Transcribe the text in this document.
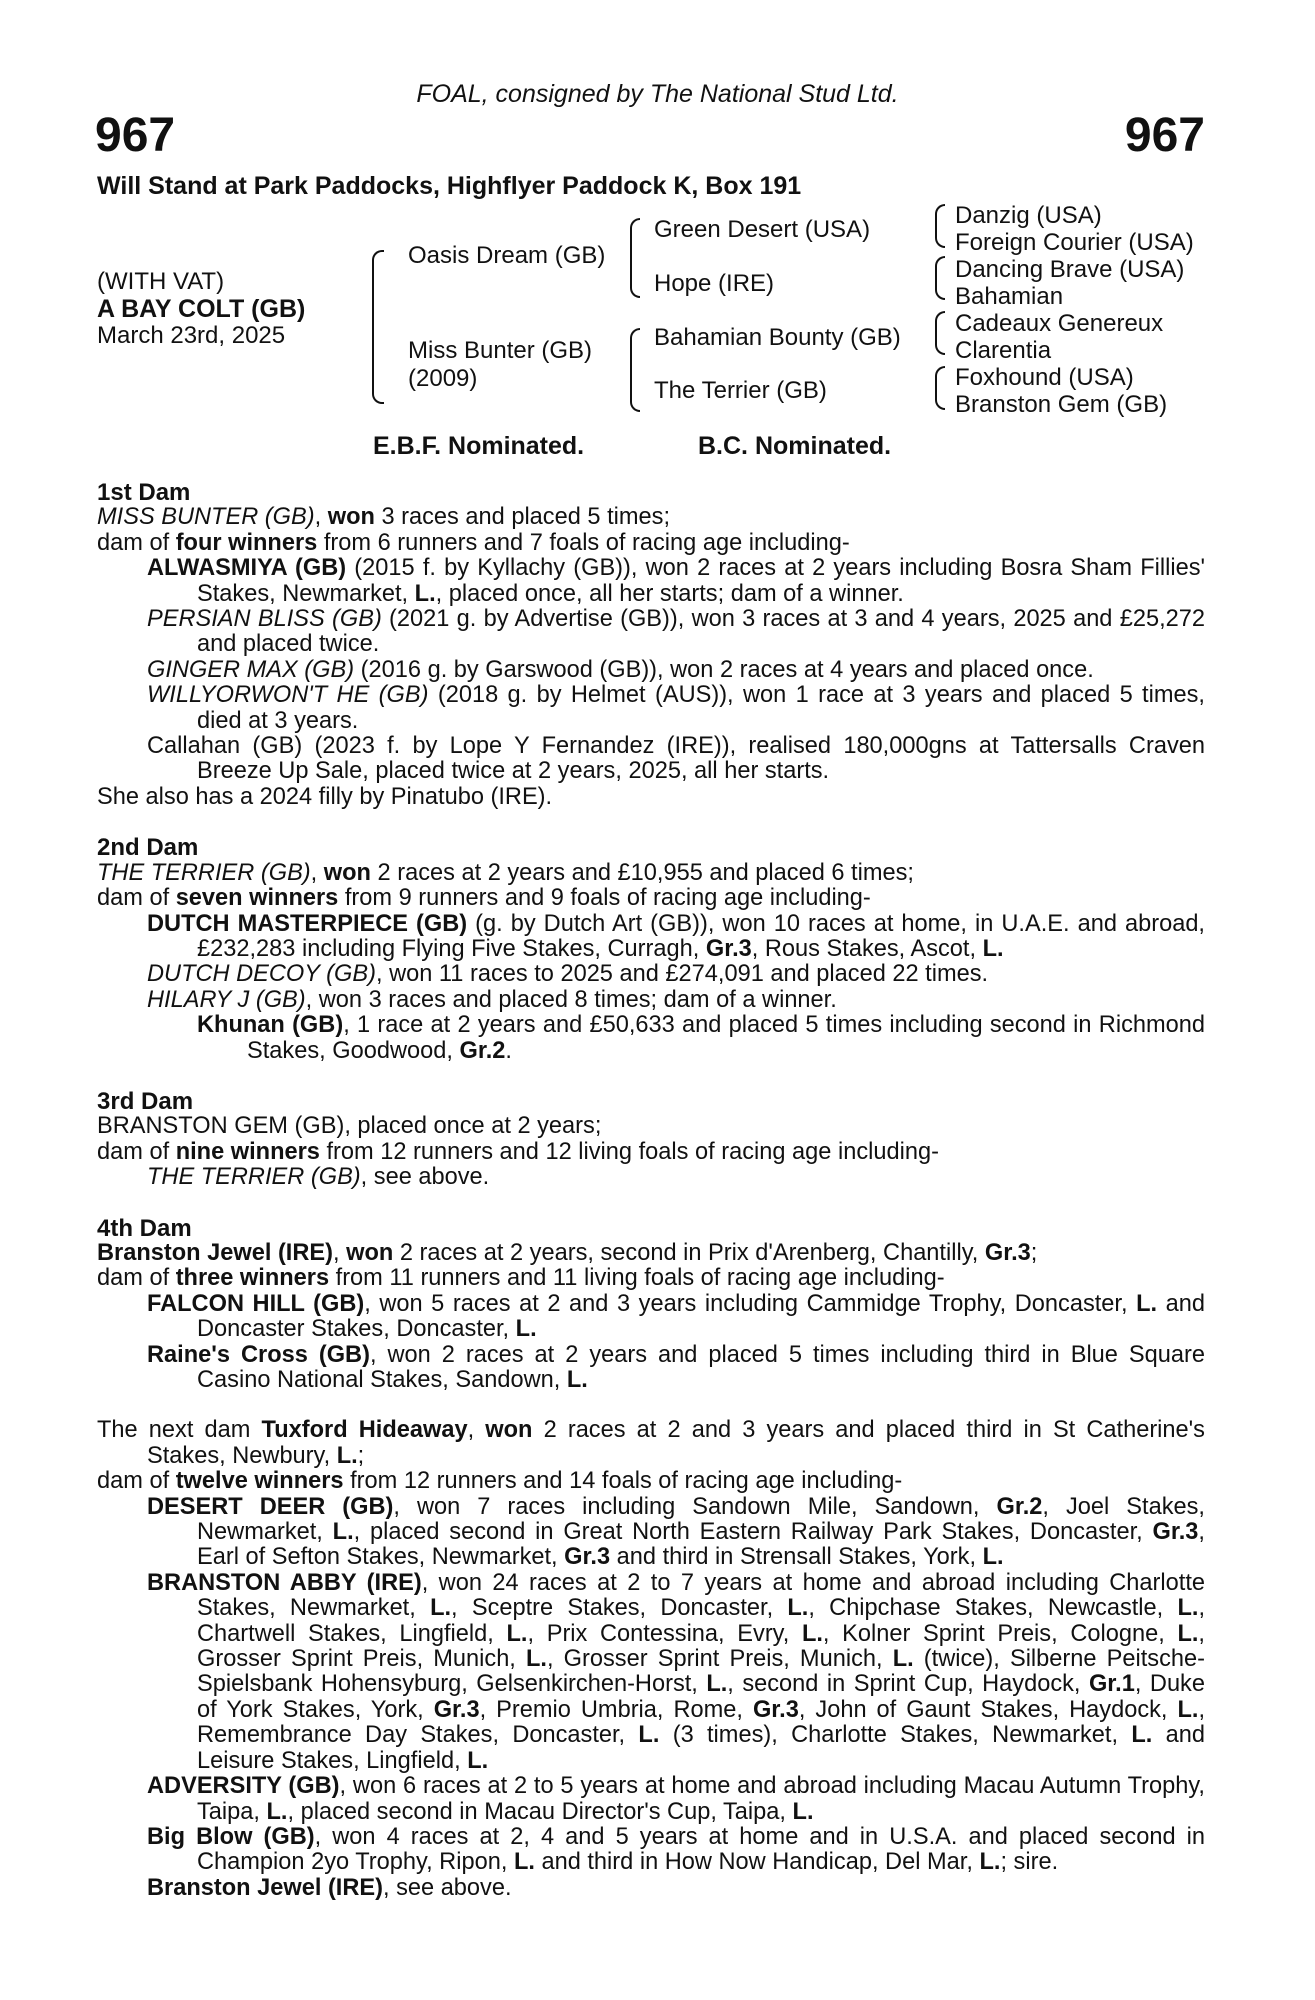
FOAL, consigned by The National Stud Ltd.
967	967
Will Stand at Park Paddocks, Highflyer Paddock K, Box 191
(WITH VAT)
A BAY COLT (GB)
March 23rd, 2025
Oasis Dream (GB)
Miss Bunter (GB)
(2009)
Green Desert (USA)
Hope (IRE)
Bahamian Bounty (GB)
The Terrier (GB)
Danzig (USA)
Foreign Courier (USA)
Dancing Brave (USA)
Bahamian
Cadeaux Genereux
Clarentia
Foxhound (USA)
Branston Gem (GB)
E.B.F. Nominated.	B.C. Nominated.

1st Dam

MISS BUNTER (GB), won 3 races and placed 5 times;

dam of four winners from 6 runners and 7 foals of racing age including-

ALWASMIYA (GB) (2015 f. by Kyllachy (GB)), won 2 races at 2 years including Bosra Sham Fillies' Stakes, Newmarket, L., placed once, all her starts; dam of a winner.

PERSIAN BLISS (GB) (2021 g. by Advertise (GB)), won 3 races at 3 and 4 years, 2025 and £25,272 and placed twice.

GINGER MAX (GB) (2016 g. by Garswood (GB)), won 2 races at 4 years and placed once.

WILLYORWON'T HE (GB) (2018 g. by Helmet (AUS)), won 1 race at 3 years and placed 5 times, died at 3 years.

Callahan (GB) (2023 f. by Lope Y Fernandez (IRE)), realised 180,000gns at Tattersalls Craven Breeze Up Sale, placed twice at 2 years, 2025, all her starts.

She also has a 2024 filly by Pinatubo (IRE).

2nd Dam

THE TERRIER (GB), won 2 races at 2 years and £10,955 and placed 6 times;

dam of seven winners from 9 runners and 9 foals of racing age including-

DUTCH MASTERPIECE (GB) (g. by Dutch Art (GB)), won 10 races at home, in U.A.E. and abroad, £232,283 including Flying Five Stakes, Curragh, Gr.3, Rous Stakes, Ascot, L.

DUTCH DECOY (GB), won 11 races to 2025 and £274,091 and placed 22 times.

HILARY J (GB), won 3 races and placed 8 times; dam of a winner.

Khunan (GB), 1 race at 2 years and £50,633 and placed 5 times including second in Richmond Stakes, Goodwood, Gr.2.

3rd Dam

BRANSTON GEM (GB), placed once at 2 years;

dam of nine winners from 12 runners and 12 living foals of racing age including-

THE TERRIER (GB), see above.

4th Dam

Branston Jewel (IRE), won 2 races at 2 years, second in Prix d'Arenberg, Chantilly, Gr.3;

dam of three winners from 11 runners and 11 living foals of racing age including-

FALCON HILL (GB), won 5 races at 2 and 3 years including Cammidge Trophy, Doncaster, L. and Doncaster Stakes, Doncaster, L.

Raine's Cross (GB), won 2 races at 2 years and placed 5 times including third in Blue Square Casino National Stakes, Sandown, L.

The next dam Tuxford Hideaway, won 2 races at 2 and 3 years and placed third in St Catherine's Stakes, Newbury, L.;

dam of twelve winners from 12 runners and 14 foals of racing age including-

DESERT DEER (GB), won 7 races including Sandown Mile, Sandown, Gr.2, Joel Stakes, Newmarket, L., placed second in Great North Eastern Railway Park Stakes, Doncaster, Gr.3, Earl of Sefton Stakes, Newmarket, Gr.3 and third in Strensall Stakes, York, L.

BRANSTON ABBY (IRE), won 24 races at 2 to 7 years at home and abroad including Charlotte Stakes, Newmarket, L., Sceptre Stakes, Doncaster, L., Chipchase Stakes, Newcastle, L., Chartwell Stakes, Lingfield, L., Prix Contessina, Evry, L., Kolner Sprint Preis, Cologne, L., Grosser Sprint Preis, Munich, L., Grosser Sprint Preis, Munich, L. (twice), Silberne Peitsche-Spielsbank Hohensyburg, Gelsenkirchen-Horst, L., second in Sprint Cup, Haydock, Gr.1, Duke of York Stakes, York, Gr.3, Premio Umbria, Rome, Gr.3, John of Gaunt Stakes, Haydock, L., Remembrance Day Stakes, Doncaster, L. (3 times), Charlotte Stakes, Newmarket, L. and Leisure Stakes, Lingfield, L.

ADVERSITY (GB), won 6 races at 2 to 5 years at home and abroad including Macau Autumn Trophy, Taipa, L., placed second in Macau Director's Cup, Taipa, L.

Big Blow (GB), won 4 races at 2, 4 and 5 years at home and in U.S.A. and placed second in Champion 2yo Trophy, Ripon, L. and third in How Now Handicap, Del Mar, L.; sire.

Branston Jewel (IRE), see above.
